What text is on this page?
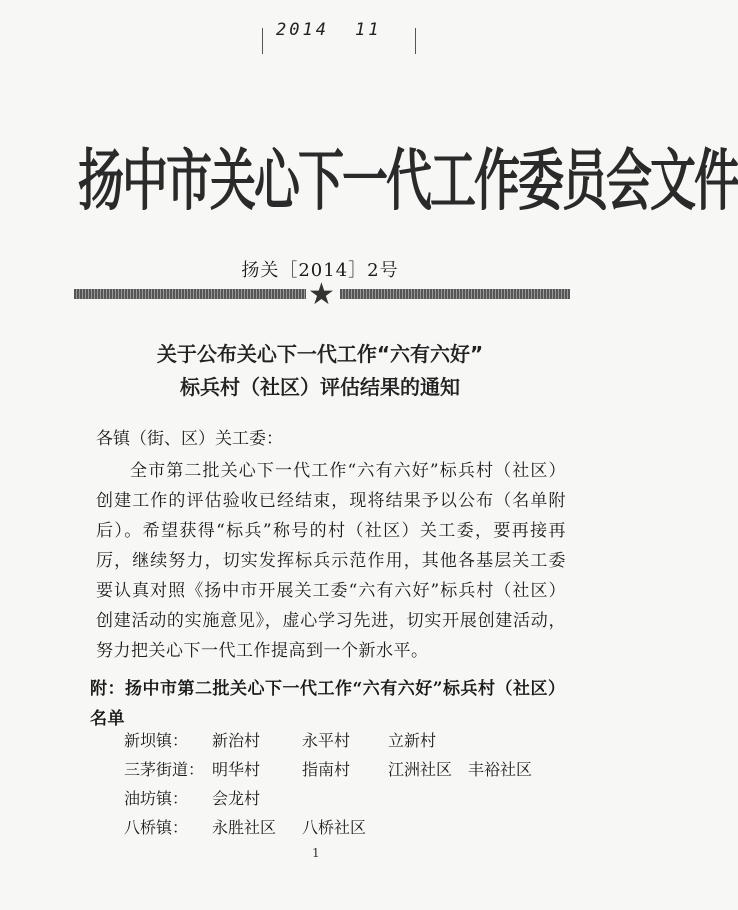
2014 11
扬中市关心下一代工作委员会文件
扬关［2014］2号
★
关于公布关心下一代工作“六有六好”
标兵村（社区）评估结果的通知
各镇（街、区）关工委：
全市第二批关心下一代工作“六有六好”标兵村（社区）创建工作的评估验收已经结束，现将结果予以公布（名单附后）。希望获得“标兵”称号的村（社区）关工委，要再接再厉，继续努力，切实发挥标兵示范作用，其他各基层关工委要认真对照《扬中市开展关工委“六有六好”标兵村（社区）创建活动的实施意见》，虚心学习先进，切实开展创建活动，努力把关心下一代工作提高到一个新水平。
附：扬中市第二批关心下一代工作“六有六好”标兵村（社区）名单
新坝镇：	新治村	永平村 立新村
三茅街道： 明华村	指南村 江洲社区 丰裕社区
油坊镇：	会龙村
八桥镇：	永胜社区 八桥社区
1
